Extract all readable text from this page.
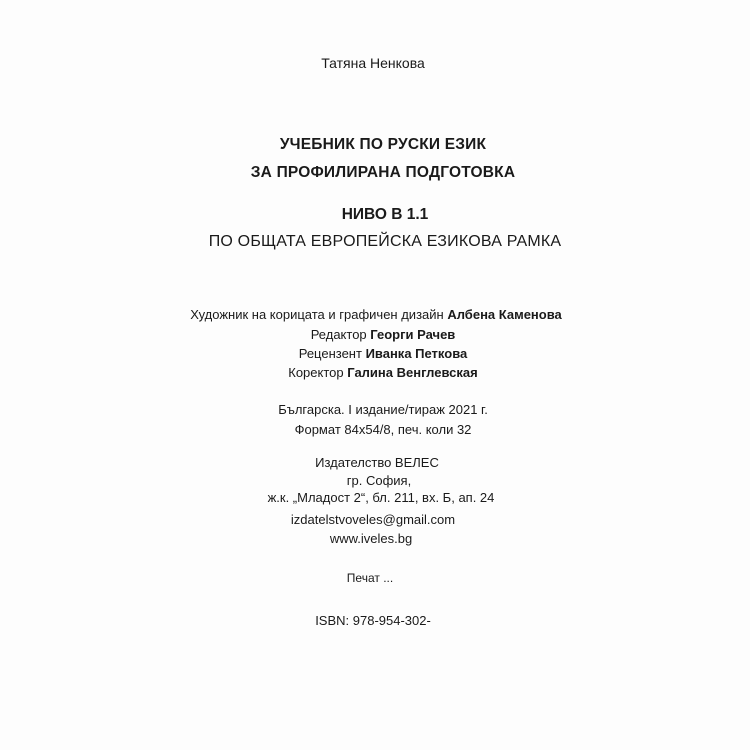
Татяна Ненкова
УЧЕБНИК ПО РУСКИ ЕЗИК
ЗА ПРОФИЛИРАНА ПОДГОТОВКА
НИВО В 1.1
ПО ОБЩАТА ЕВРОПЕЙСКА ЕЗИКОВА РАМКА
Художник на корицата и графичен дизайн Албена Каменова
Редактор Георги Рачев
Рецензент Иванка Петкова
Коректор Галина Венглевская
Българска. I издание/тираж 2021 г.
Формат 84х54/8, печ. коли 32
Издателство ВЕЛЕС
гр. София,
ж.к. „Младост 2“, бл. 211, вх. Б, ап. 24
izdatelstvoveles@gmail.com
www.iveles.bg
Печат ...
ISBN: 978-954-302-
